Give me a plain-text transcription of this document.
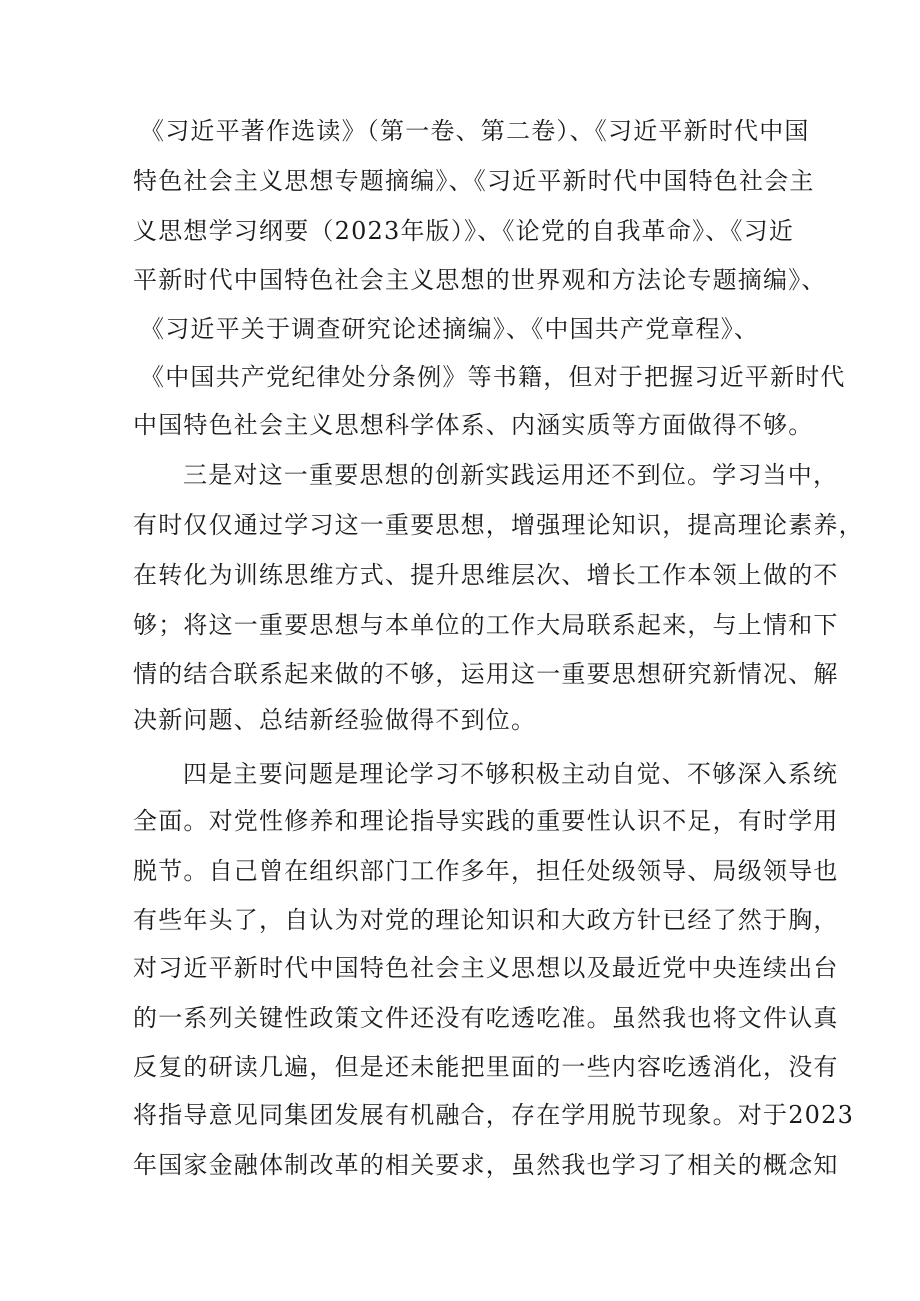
《习近平著作选读》（第一卷、第二卷）、《习近平新时代中国
特色社会主义思想专题摘编》、《习近平新时代中国特色社会主
义思想学习纲要（2023年版）》、《论党的自我革命》、《习近
平新时代中国特色社会主义思想的世界观和方法论专题摘编》、
《习近平关于调查研究论述摘编》、《中国共产党章程》、
《中国共产党纪律处分条例》等书籍，但对于把握习近平新时代
中国特色社会主义思想科学体系、内涵实质等方面做得不够。
三是对这一重要思想的创新实践运用还不到位。学习当中，
有时仅仅通过学习这一重要思想，增强理论知识，提高理论素养，
在转化为训练思维方式、提升思维层次、增长工作本领上做的不
够；将这一重要思想与本单位的工作大局联系起来，与上情和下
情的结合联系起来做的不够，运用这一重要思想研究新情况、解
决新问题、总结新经验做得不到位。
四是主要问题是理论学习不够积极主动自觉、不够深入系统
全面。对党性修养和理论指导实践的重要性认识不足，有时学用
脱节。自己曾在组织部门工作多年，担任处级领导、局级领导也
有些年头了，自认为对党的理论知识和大政方针已经了然于胸，
对习近平新时代中国特色社会主义思想以及最近党中央连续出台
的一系列关键性政策文件还没有吃透吃准。虽然我也将文件认真
反复的研读几遍，但是还未能把里面的一些内容吃透消化，没有
将指导意见同集团发展有机融合，存在学用脱节现象。对于2023
年国家金融体制改革的相关要求，虽然我也学习了相关的概念知
